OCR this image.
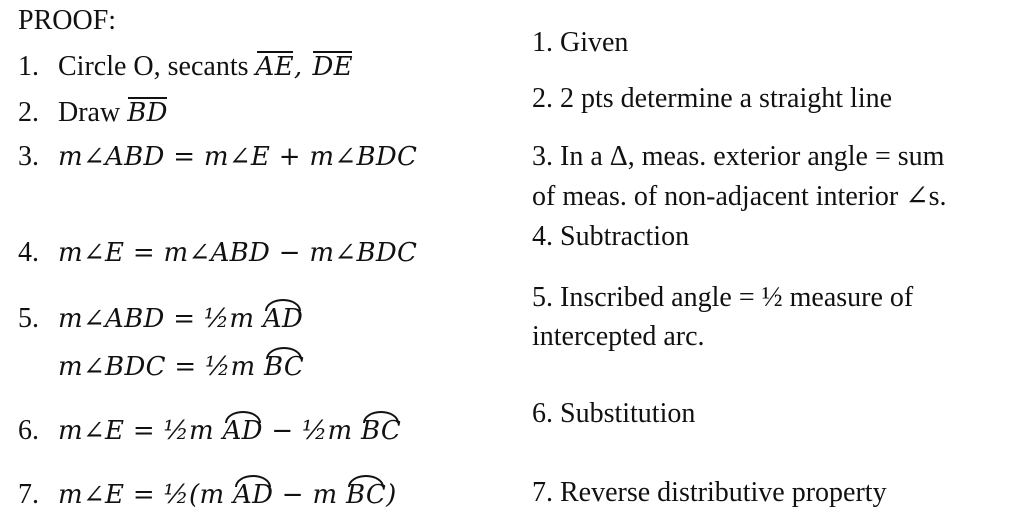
PROOF:
1. Circle O, secants AE, DE
2. Draw BD
3. m∠ABD = m∠E + m∠BDC
4. m∠E = m∠ABD − m∠BDC
5. m∠ABD = ½m AD
m∠BDC = ½m BC
6. m∠E = ½m AD − ½m BC
7. m∠E = ½(m AD − m BC)
1. Given
2. 2 pts determine a straight line
3. In a Δ, meas. exterior angle = sum
of meas. of non-adjacent interior ∠s.
4. Subtraction
5. Inscribed angle = ½ measure of
intercepted arc.
6. Substitution
7. Reverse distributive property
